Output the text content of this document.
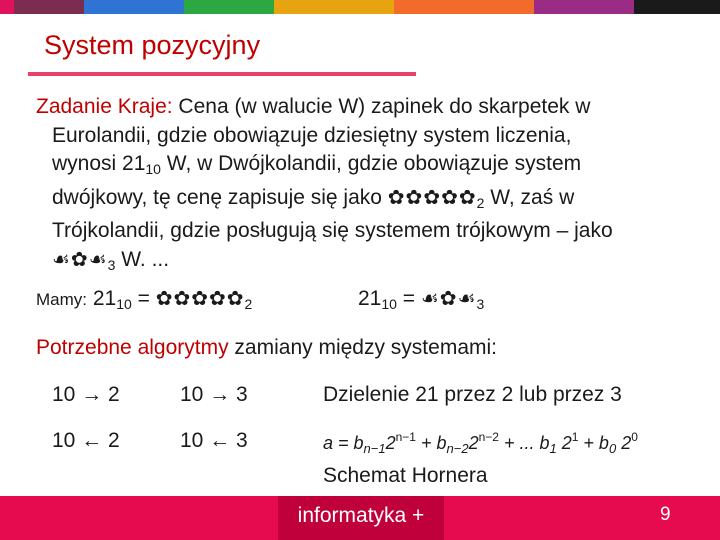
System pozycyjny
Zadanie Kraje: Cena (w walucie W) zapinek do skarpetek w
Eurolandii, gdzie obowiązuje dziesiętny system liczenia,
wynosi $21_{10}$ W, w Dwójkolandii, gdzie obowiązuje system
dwójkowy, tę cenę zapisuje się jako $✿✿✿✿✿_2$ W, zaś w
Trójkolandii, gdzie posługują się systemem trójkowym – jako
$☙✿☙_3$ W. ...
Mamy: $21_{10}$ = $✿✿✿✿✿_2$	$21_{10}$ = $☙✿☙_3$
Potrzebne algorytmy zamiany między systemami:
10 → 2	10 → 3	Dzielenie 21 przez 2 lub przez 3
10 ← 2	10 ← 3	$a = b_{n-1}2^{n-1} + b_{n-2}2^{n-2}$ + ... $b_1$ $2^1 + b_0$ $2^0$
Schemat Hornera
informatyka +	9
